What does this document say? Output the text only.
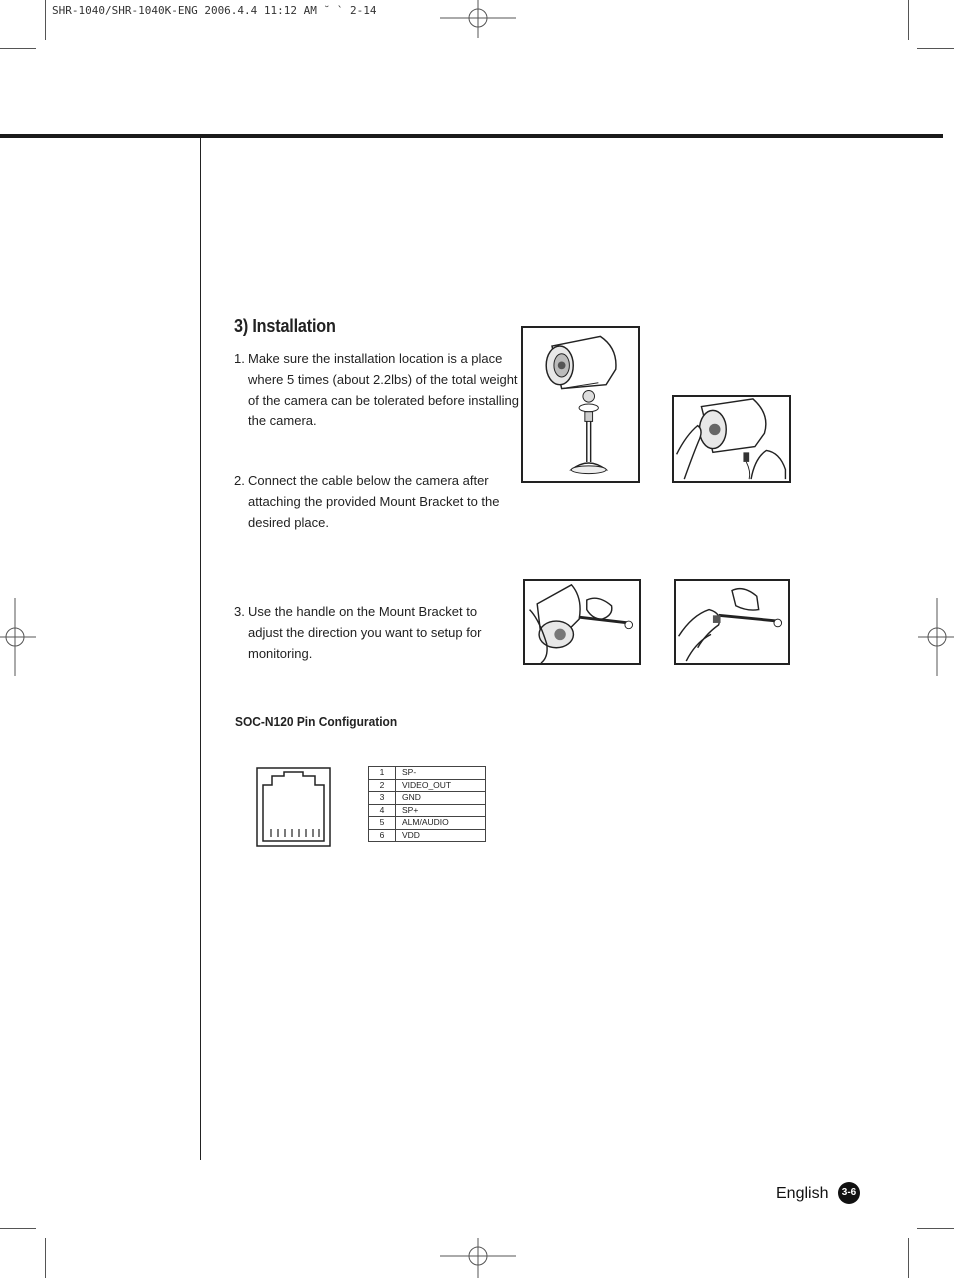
SHR-1040/SHR-1040K-ENG 2006.4.4 11:12 AM ˘ ` 2-14
3) Installation
1. Make sure the installation location is a place
where 5 times (about 2.2lbs) of the total weight
of the camera can be tolerated before installing
the camera.
2. Connect the cable below the camera after
attaching the provided Mount Bracket to the
desired place.
3. Use the handle on the Mount Bracket to
adjust the direction you want to setup for
monitoring.
SOC-N120 Pin Configuration
1	SP-
2	VIDEO_OUT
3	GND
4	SP+
5	ALM/AUDIO
6	VDD
English	3-6
